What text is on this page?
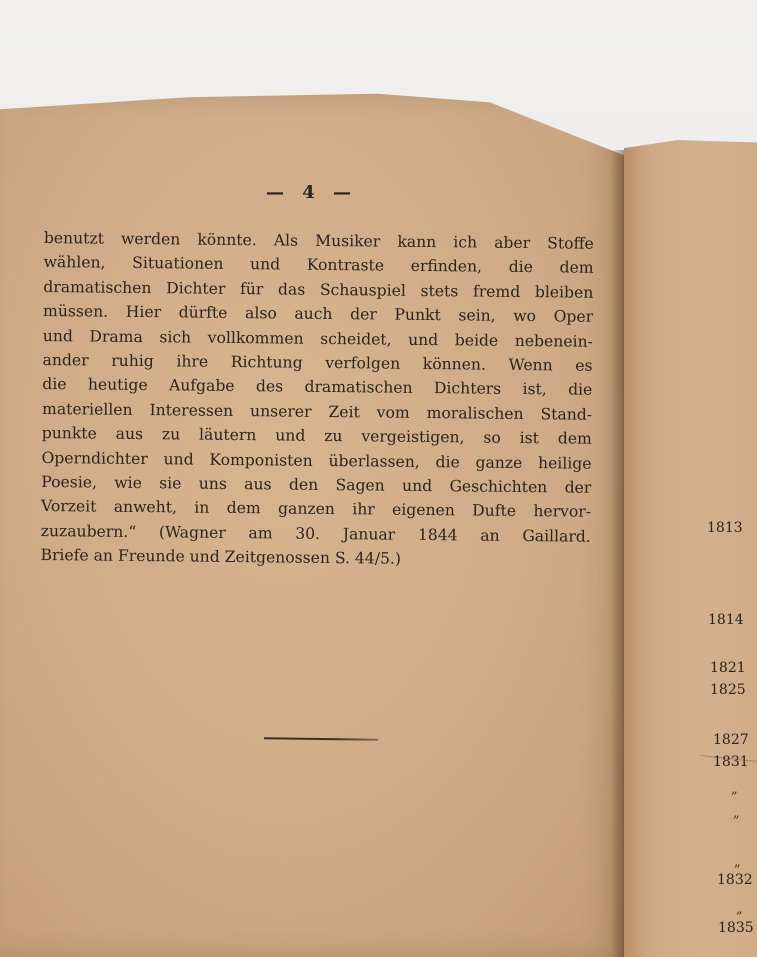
— 4 —
benutzt werden könnte. Als Musiker kann ich aber Stoffe
wählen, Situationen und Kontraste erfinden, die dem
dramatischen Dichter für das Schauspiel stets fremd bleiben
müssen. Hier dürfte also auch der Punkt sein, wo Oper
und Drama sich vollkommen scheidet, und beide nebenein-
ander ruhig ihre Richtung verfolgen können. Wenn es
die heutige Aufgabe des dramatischen Dichters ist, die
materiellen Interessen unserer Zeit vom moralischen Stand-
punkte aus zu läutern und zu vergeistigen, so ist dem
Operndichter und Komponisten überlassen, die ganze heilige
Poesie, wie sie uns aus den Sagen und Geschichten der
Vorzeit anweht, in dem ganzen ihr eigenen Dufte hervor-
zuzaubern.“ (Wagner am 30. Januar 1844 an Gaillard.
Briefe an Freunde und Zeitgenossen S. 44/5.)
1813
1814
1821
1825
1827
1831
„
„
„
1832
„
1835
